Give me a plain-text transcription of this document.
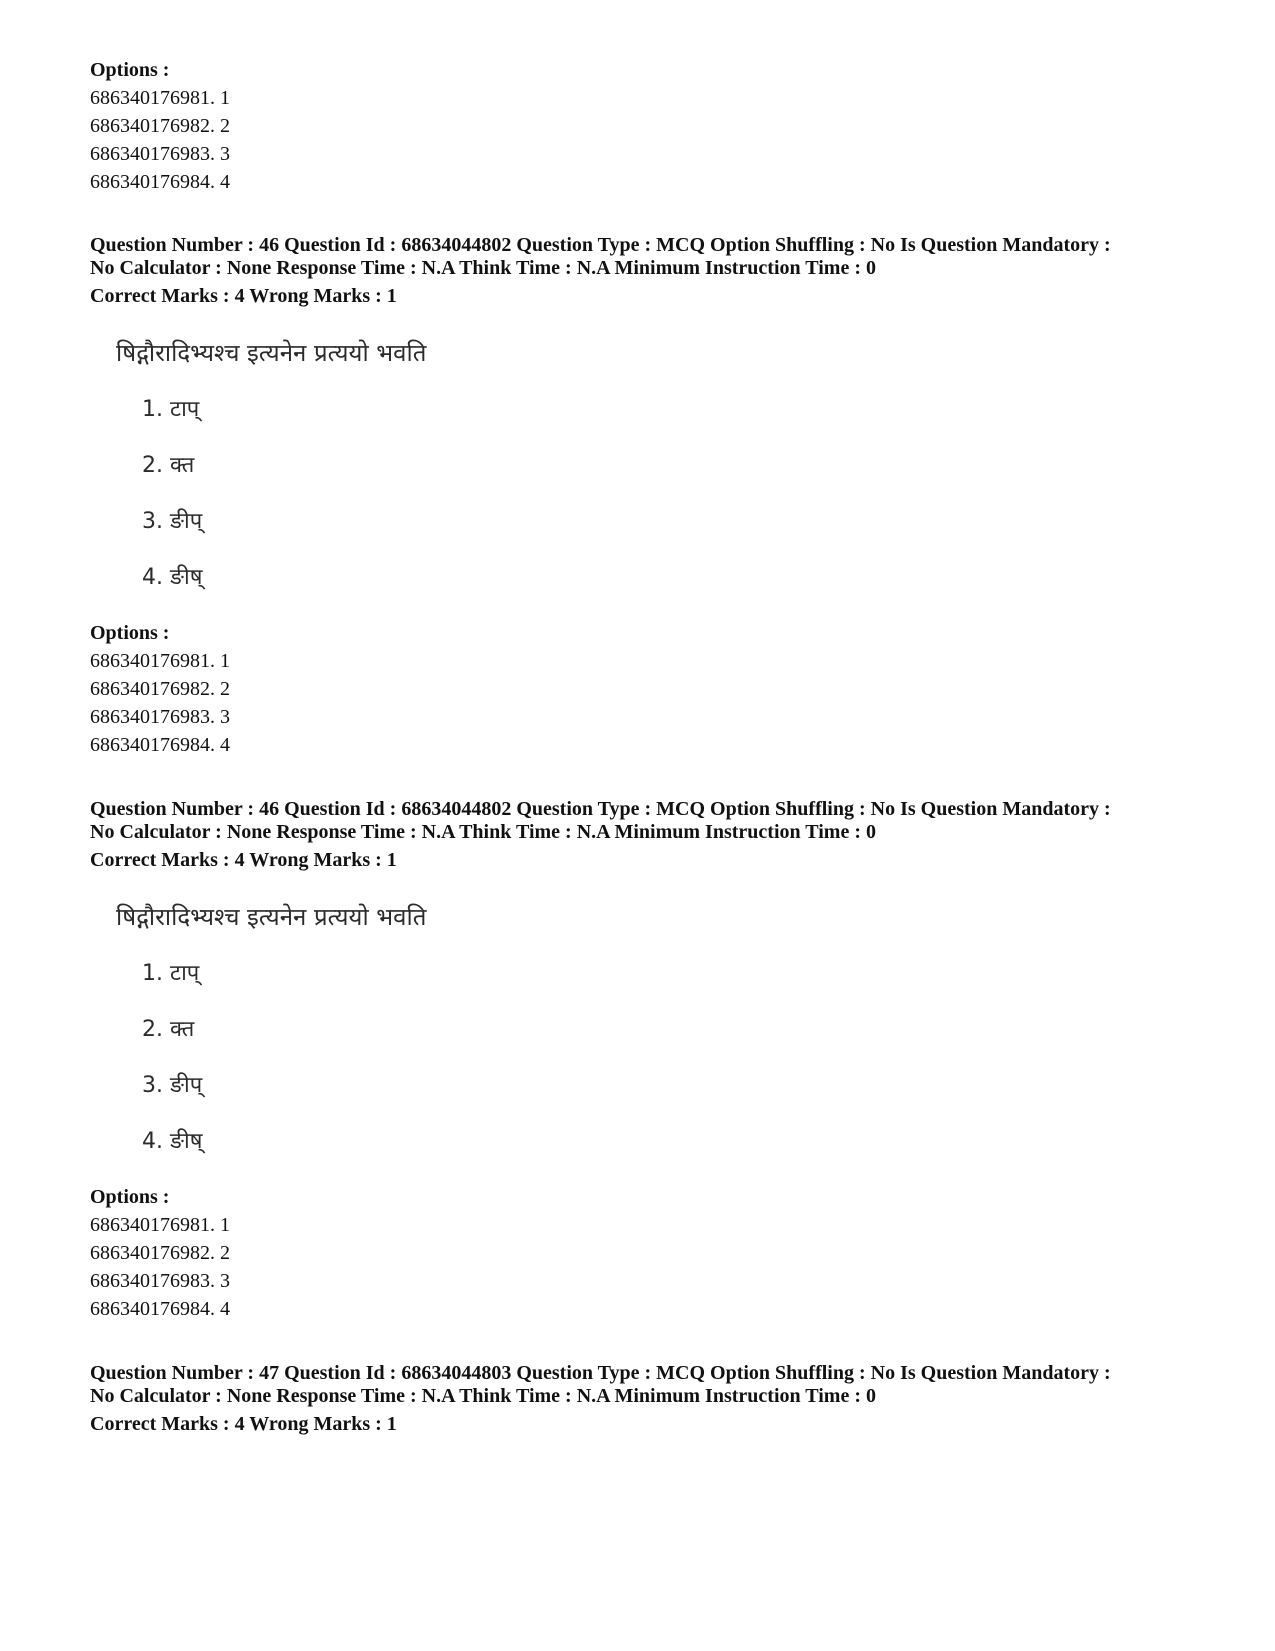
Options :
686340176981. 1
686340176982. 2
686340176983. 3
686340176984. 4
Question Number : 46 Question Id : 68634044802 Question Type : MCQ Option Shuffling : No Is Question Mandatory :
No Calculator : None Response Time : N.A Think Time : N.A Minimum Instruction Time : 0
Correct Marks : 4 Wrong Marks : 1
षिद्गौरादिभ्यश्च इत्यनेन प्रत्ययो भवति
1. टाप्
2. क्त
3. ङीप्
4. ङीष्
Options :
686340176981. 1
686340176982. 2
686340176983. 3
686340176984. 4
Question Number : 46 Question Id : 68634044802 Question Type : MCQ Option Shuffling : No Is Question Mandatory :
No Calculator : None Response Time : N.A Think Time : N.A Minimum Instruction Time : 0
Correct Marks : 4 Wrong Marks : 1
षिद्गौरादिभ्यश्च इत्यनेन प्रत्ययो भवति
1. टाप्
2. क्त
3. ङीप्
4. ङीष्
Options :
686340176981. 1
686340176982. 2
686340176983. 3
686340176984. 4
Question Number : 47 Question Id : 68634044803 Question Type : MCQ Option Shuffling : No Is Question Mandatory :
No Calculator : None Response Time : N.A Think Time : N.A Minimum Instruction Time : 0
Correct Marks : 4 Wrong Marks : 1
